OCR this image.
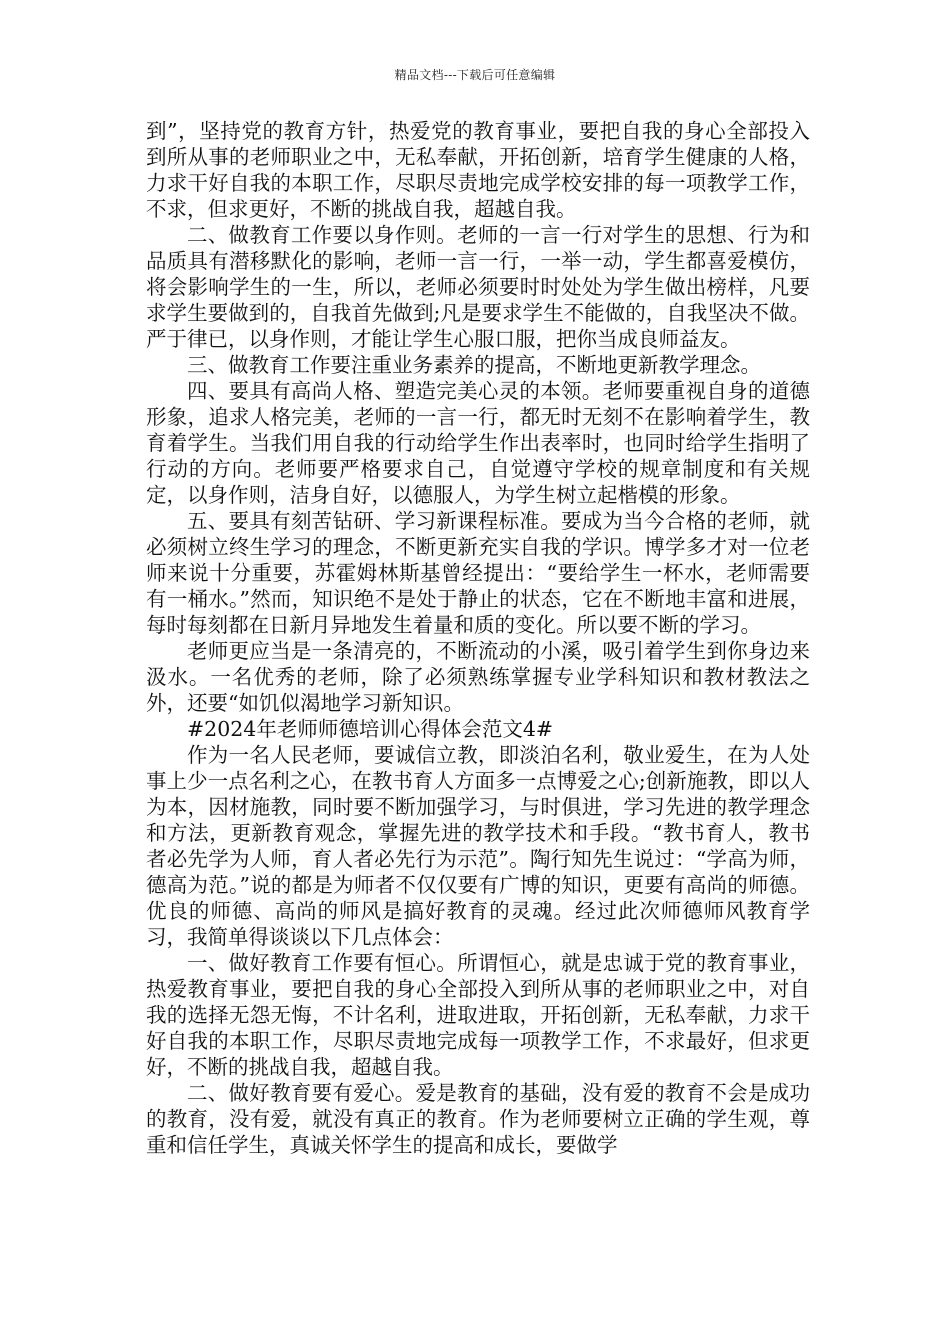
精品文档---下载后可任意编辑

到”，坚持党的教育方针，热爱党的教育事业，要把自我的身心全部投入到所从事的老师职业之中，无私奉献，开拓创新，培育学生健康的人格，力求干好自我的本职工作，尽职尽责地完成学校安排的每一项教学工作，不求，但求更好，不断的挑战自我，超越自我。

二、做教育工作要以身作则。老师的一言一行对学生的思想、行为和品质具有潜移默化的影响，老师一言一行，一举一动，学生都喜爱模仿，将会影响学生的一生，所以，老师必须要时时处处为学生做出榜样，凡要求学生要做到的，自我首先做到;凡是要求学生不能做的，自我坚决不做。严于律已，以身作则，才能让学生心服口服，把你当成良师益友。

三、做教育工作要注重业务素养的提高，不断地更新教学理念。

四、要具有高尚人格、塑造完美心灵的本领。老师要重视自身的道德形象，追求人格完美，老师的一言一行，都无时无刻不在影响着学生，教育着学生。当我们用自我的行动给学生作出表率时，也同时给学生指明了行动的方向。老师要严格要求自己，自觉遵守学校的规章制度和有关规定，以身作则，洁身自好，以德服人，为学生树立起楷模的形象。

五、要具有刻苦钻研、学习新课程标准。要成为当今合格的老师，就必须树立终生学习的理念，不断更新充实自我的学识。博学多才对一位老师来说十分重要，苏霍姆林斯基曾经提出：“要给学生一杯水，老师需要有一桶水。”然而，知识绝不是处于静止的状态，它在不断地丰富和进展，每时每刻都在日新月异地发生着量和质的变化。所以要不断的学习。

老师更应当是一条清亮的，不断流动的小溪，吸引着学生到你身边来汲水。一名优秀的老师，除了必须熟练掌握专业学科知识和教材教法之外，还要“如饥似渴地学习新知识。

#2024年老师师德培训心得体会范文4#

作为一名人民老师，要诚信立教，即淡泊名利，敬业爱生，在为人处事上少一点名利之心，在教书育人方面多一点博爱之心;创新施教，即以人为本，因材施教，同时要不断加强学习，与时俱进，学习先进的教学理念和方法，更新教育观念，掌握先进的教学技术和手段。“教书育人，教书者必先学为人师，育人者必先行为示范”。陶行知先生说过：“学高为师，德高为范。”说的都是为师者不仅仅要有广博的知识，更要有高尚的师德。优良的师德、高尚的师风是搞好教育的灵魂。经过此次师德师风教育学习，我简单得谈谈以下几点体会：

一、做好教育工作要有恒心。所谓恒心，就是忠诚于党的教育事业，热爱教育事业，要把自我的身心全部投入到所从事的老师职业之中，对自我的选择无怨无悔，不计名利，进取进取，开拓创新，无私奉献，力求干好自我的本职工作，尽职尽责地完成每一项教学工作，不求最好，但求更好，不断的挑战自我，超越自我。

二、做好教育要有爱心。爱是教育的基础，没有爱的教育不会是成功的教育，没有爱，就没有真正的教育。作为老师要树立正确的学生观，尊重和信任学生，真诚关怀学生的提高和成长，要做学
